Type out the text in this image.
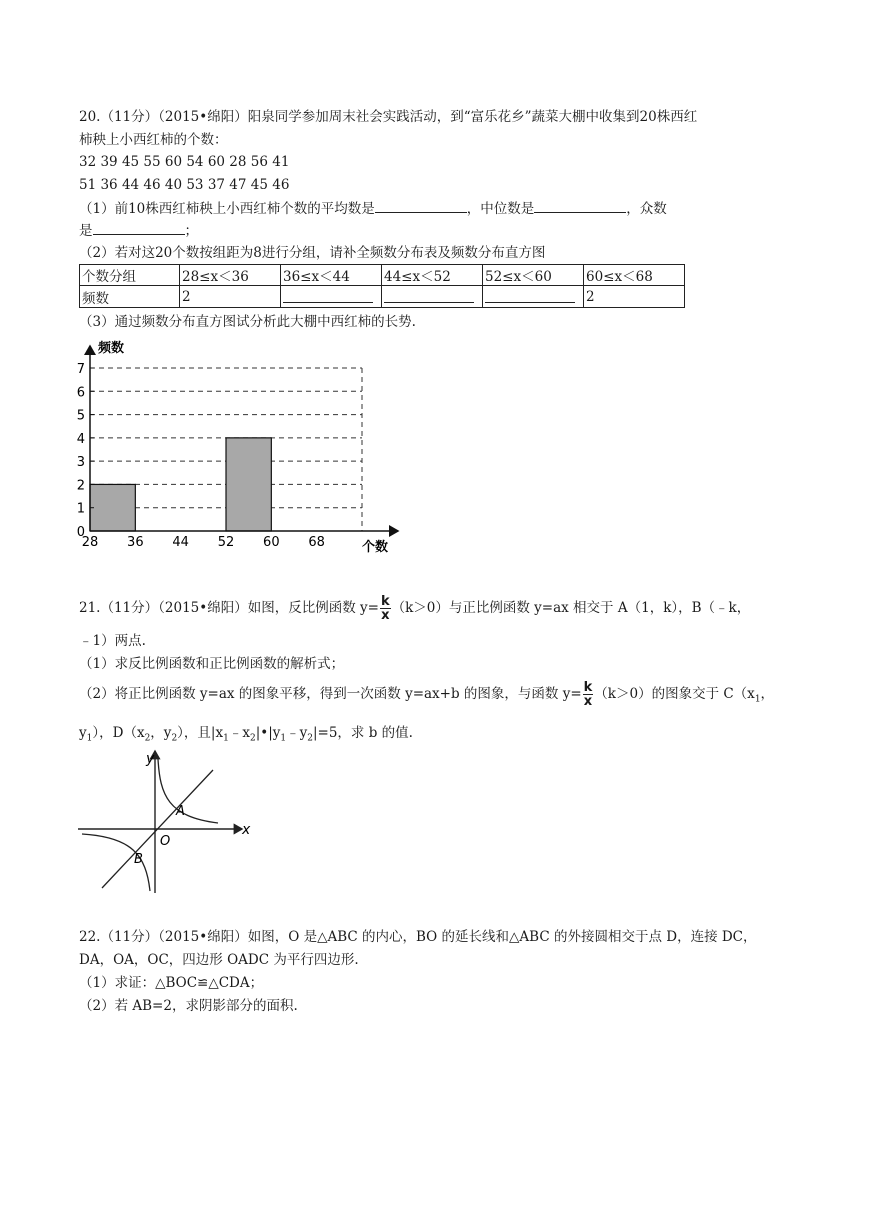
20.（11分）（2015•绵阳）阳泉同学参加周末社会实践活动，到“富乐花乡”蔬菜大棚中收集到20株西红
柿秧上小西红柿的个数：
32 39 45 55 60 54 60 28 56 41
51 36 44 46 40 53 37 47 45 46
（1）前10株西红柿秧上小西红柿个数的平均数是	，中位数是	，众数
是	；
（2）若对这20个数按组距为8进行分组，请补全频数分布表及频数分布直方图
个数分组	28≤x＜36	36≤x＜44	44≤x＜52	52≤x＜60	60≤x＜68
频数	2				2
（3）通过频数分布直方图试分析此大棚中西红柿的长势.
频数
个数
0
1
2
3
4
5
6
7
28 36 44 52 60 68
21.（11分）（2015•绵阳）如图，反比例函数 $y= \frac{k}{x} (k>0)$与正比例函数 y=ax 相交于 A（1，k），B（﹣k，
﹣1）两点.
（1）求反比例函数和正比例函数的解析式；
（2）将正比例函数 y=ax 的图象平移，得到一次函数 y=ax+b 的图象，与函数 $y= \frac{k}{x} (k>0)$的图象交于 $C(x_1$，
$y_1$），$D(x_2$，$y_2$），且$|x_1﹣x_2|•|y_1﹣y_2|=5$，求 b 的值.
y
x
O
A
B
22.（11分）（2015•绵阳）如图，O 是△ABC 的内心，BO 的延长线和△ABC 的外接圆相交于点 D，连接 DC，
DA，OA，OC，四边形 OADC 为平行四边形.
（1）求证：△BOC≌△CDA；
（2）若 AB=2，求阴影部分的面积.
